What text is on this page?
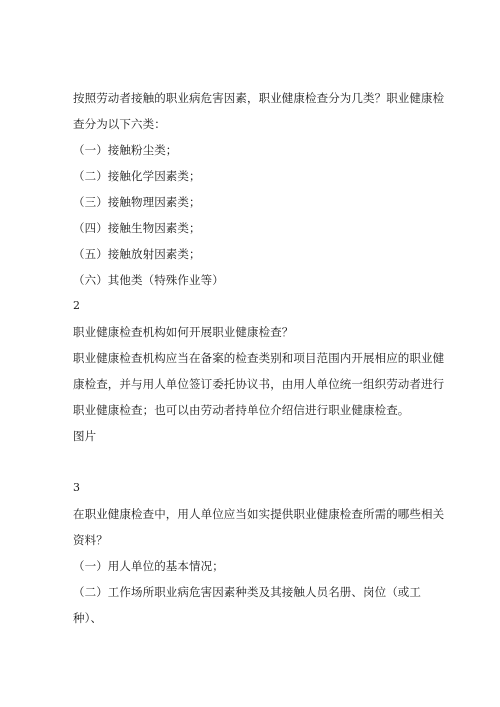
按照劳动者接触的职业病危害因素，职业健康检查分为几类？职业健康检
查分为以下六类：
（一）接触粉尘类；
（二）接触化学因素类；
（三）接触物理因素类；
（四）接触生物因素类；
（五）接触放射因素类；
（六）其他类（特殊作业等）
2
职业健康检查机构如何开展职业健康检查？
职业健康检查机构应当在备案的检查类别和项目范围内开展相应的职业健
康检查，并与用人单位签订委托协议书，由用人单位统一组织劳动者进行
职业健康检查；也可以由劳动者持单位介绍信进行职业健康检查。
图片
3
在职业健康检查中，用人单位应当如实提供职业健康检查所需的哪些相关
资料？
（一）用人单位的基本情况；
（二）工作场所职业病危害因素种类及其接触人员名册、岗位（或工
种）、
